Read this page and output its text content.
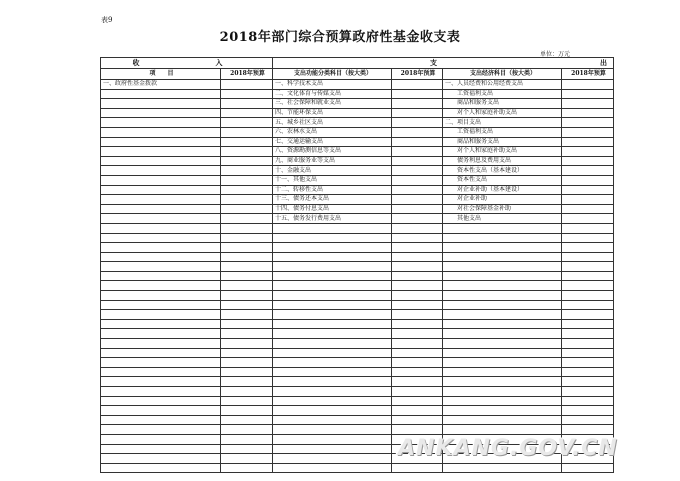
表9
2018年部门综合预算政府性基金收支表
单位：万元
收 入		支 出			
项　　目	2018年预算	支出功能分类科目（按大类）	2018年预算	支出经济科目（按大类）	2018年预算
一、政府性基金拨款		一、科学技术支出		一、人员经费和公用经费支出	
		二、文化体育与传媒支出		工资福利支出	
		三、社会保障和就业支出		商品和服务支出	
		四、节能环保支出		对个人和家庭补助支出	
		五、城乡社区支出		二、项目支出	
		六、农林水支出		工资福利支出	
		七、交通运输支出		商品和服务支出	
		八、资源勘测信息等支出		对个人和家庭补助支出	
		九、商业服务业等支出		债务利息及费用支出	
		十、金融支出		资本性支出（基本建设）	
		十一、其他支出		资本性支出	
		十二、转移性支出		对企业补助（基本建设）	
		十三、债务还本支出		对企业补助	
		十四、债务付息支出		对社会保障基金补助	
		十五、债务发行费用支出		其他支出	

ANKANG.GOV.CN
